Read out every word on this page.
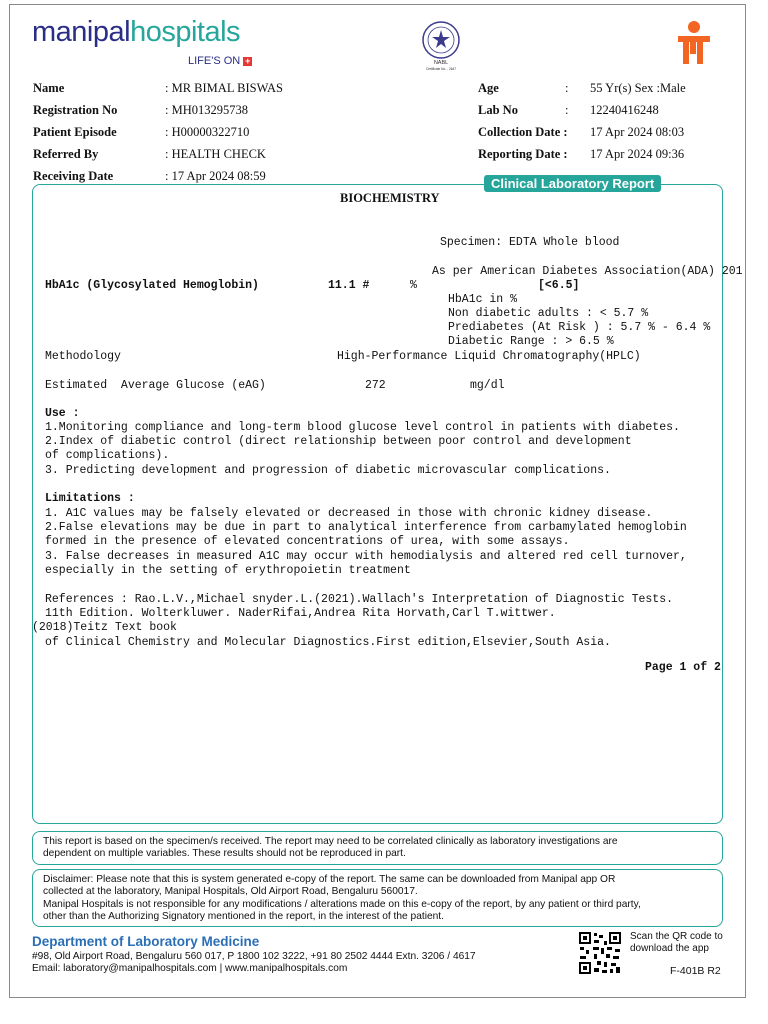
manipalhospitals
LIFE'S ON +	NABL
Certificate No. - 2647
Name	: MR BIMAL BISWAS
Registration No	: MH013295738
Patient Episode	: H00000322710
Referred By	: HEALTH CHECK
Receiving Date	: 17 Apr 2024 08:59
Age	: 55 Yr(s) Sex :Male
Lab No	: 12240416248
Collection Date : 17 Apr 2024 08:03
Reporting Date : 17 Apr 2024 09:36
Clinical Laboratory Report
BIOCHEMISTRY
Specimen: EDTA Whole blood
As per American Diabetes Association(ADA) 201
HbA1c (Glycosylated Hemoglobin)	11.1 #	%	[<6.5]
HbA1c in %
Non diabetic adults : < 5.7 %
Prediabetes (At Risk ) : 5.7 % - 6.4 %
Diabetic Range : > 6.5 %
Methodology	High-Performance Liquid Chromatography(HPLC)
Estimated  Average Glucose (eAG)	272	mg/dl
Use :
1.Monitoring compliance and long-term blood glucose level control in patients with diabetes.
2.Index of diabetic control (direct relationship between poor control and development
of complications).
3. Predicting development and progression of diabetic microvascular complications.
Limitations :
1. A1C values may be falsely elevated or decreased in those with chronic kidney disease.
2.False elevations may be due in part to analytical interference from carbamylated hemoglobin
formed in the presence of elevated concentrations of urea, with some assays.
3. False decreases in measured A1C may occur with hemodialysis and altered red cell turnover,
especially in the setting of erythropoietin treatment
References : Rao.L.V.,Michael snyder.L.(2021).Wallach's Interpretation of Diagnostic Tests.
11th Edition. Wolterkluwer. NaderRifai,Andrea Rita Horvath,Carl T.wittwer.
(2018)Teitz Text book
of Clinical Chemistry and Molecular Diagnostics.First edition,Elsevier,South Asia.
Page 1 of 2
This report is based on the specimen/s received. The report may need to be correlated clinically as laboratory investigations are
dependent on multiple variables. These results should not be reproduced in part.
Disclaimer: Please note that this is system generated e-copy of the report. The same can be downloaded from Manipal app OR
collected at the laboratory, Manipal Hospitals, Old Airport Road, Bengaluru 560017.
Manipal Hospitals is not responsible for any modifications / alterations made on this e-copy of the report, by any patient or third party,
other than the Authorizing Signatory mentioned in the report, in the interest of the patient.
Department of Laboratory Medicine
#98, Old Airport Road, Bengaluru 560 017, P 1800 102 3222, +91 80 2502 4444 Extn. 3206 / 4617
Email: laboratory@manipalhospitals.com | www.manipalhospitals.com
Scan the QR code to
download the app
F-401B R2
